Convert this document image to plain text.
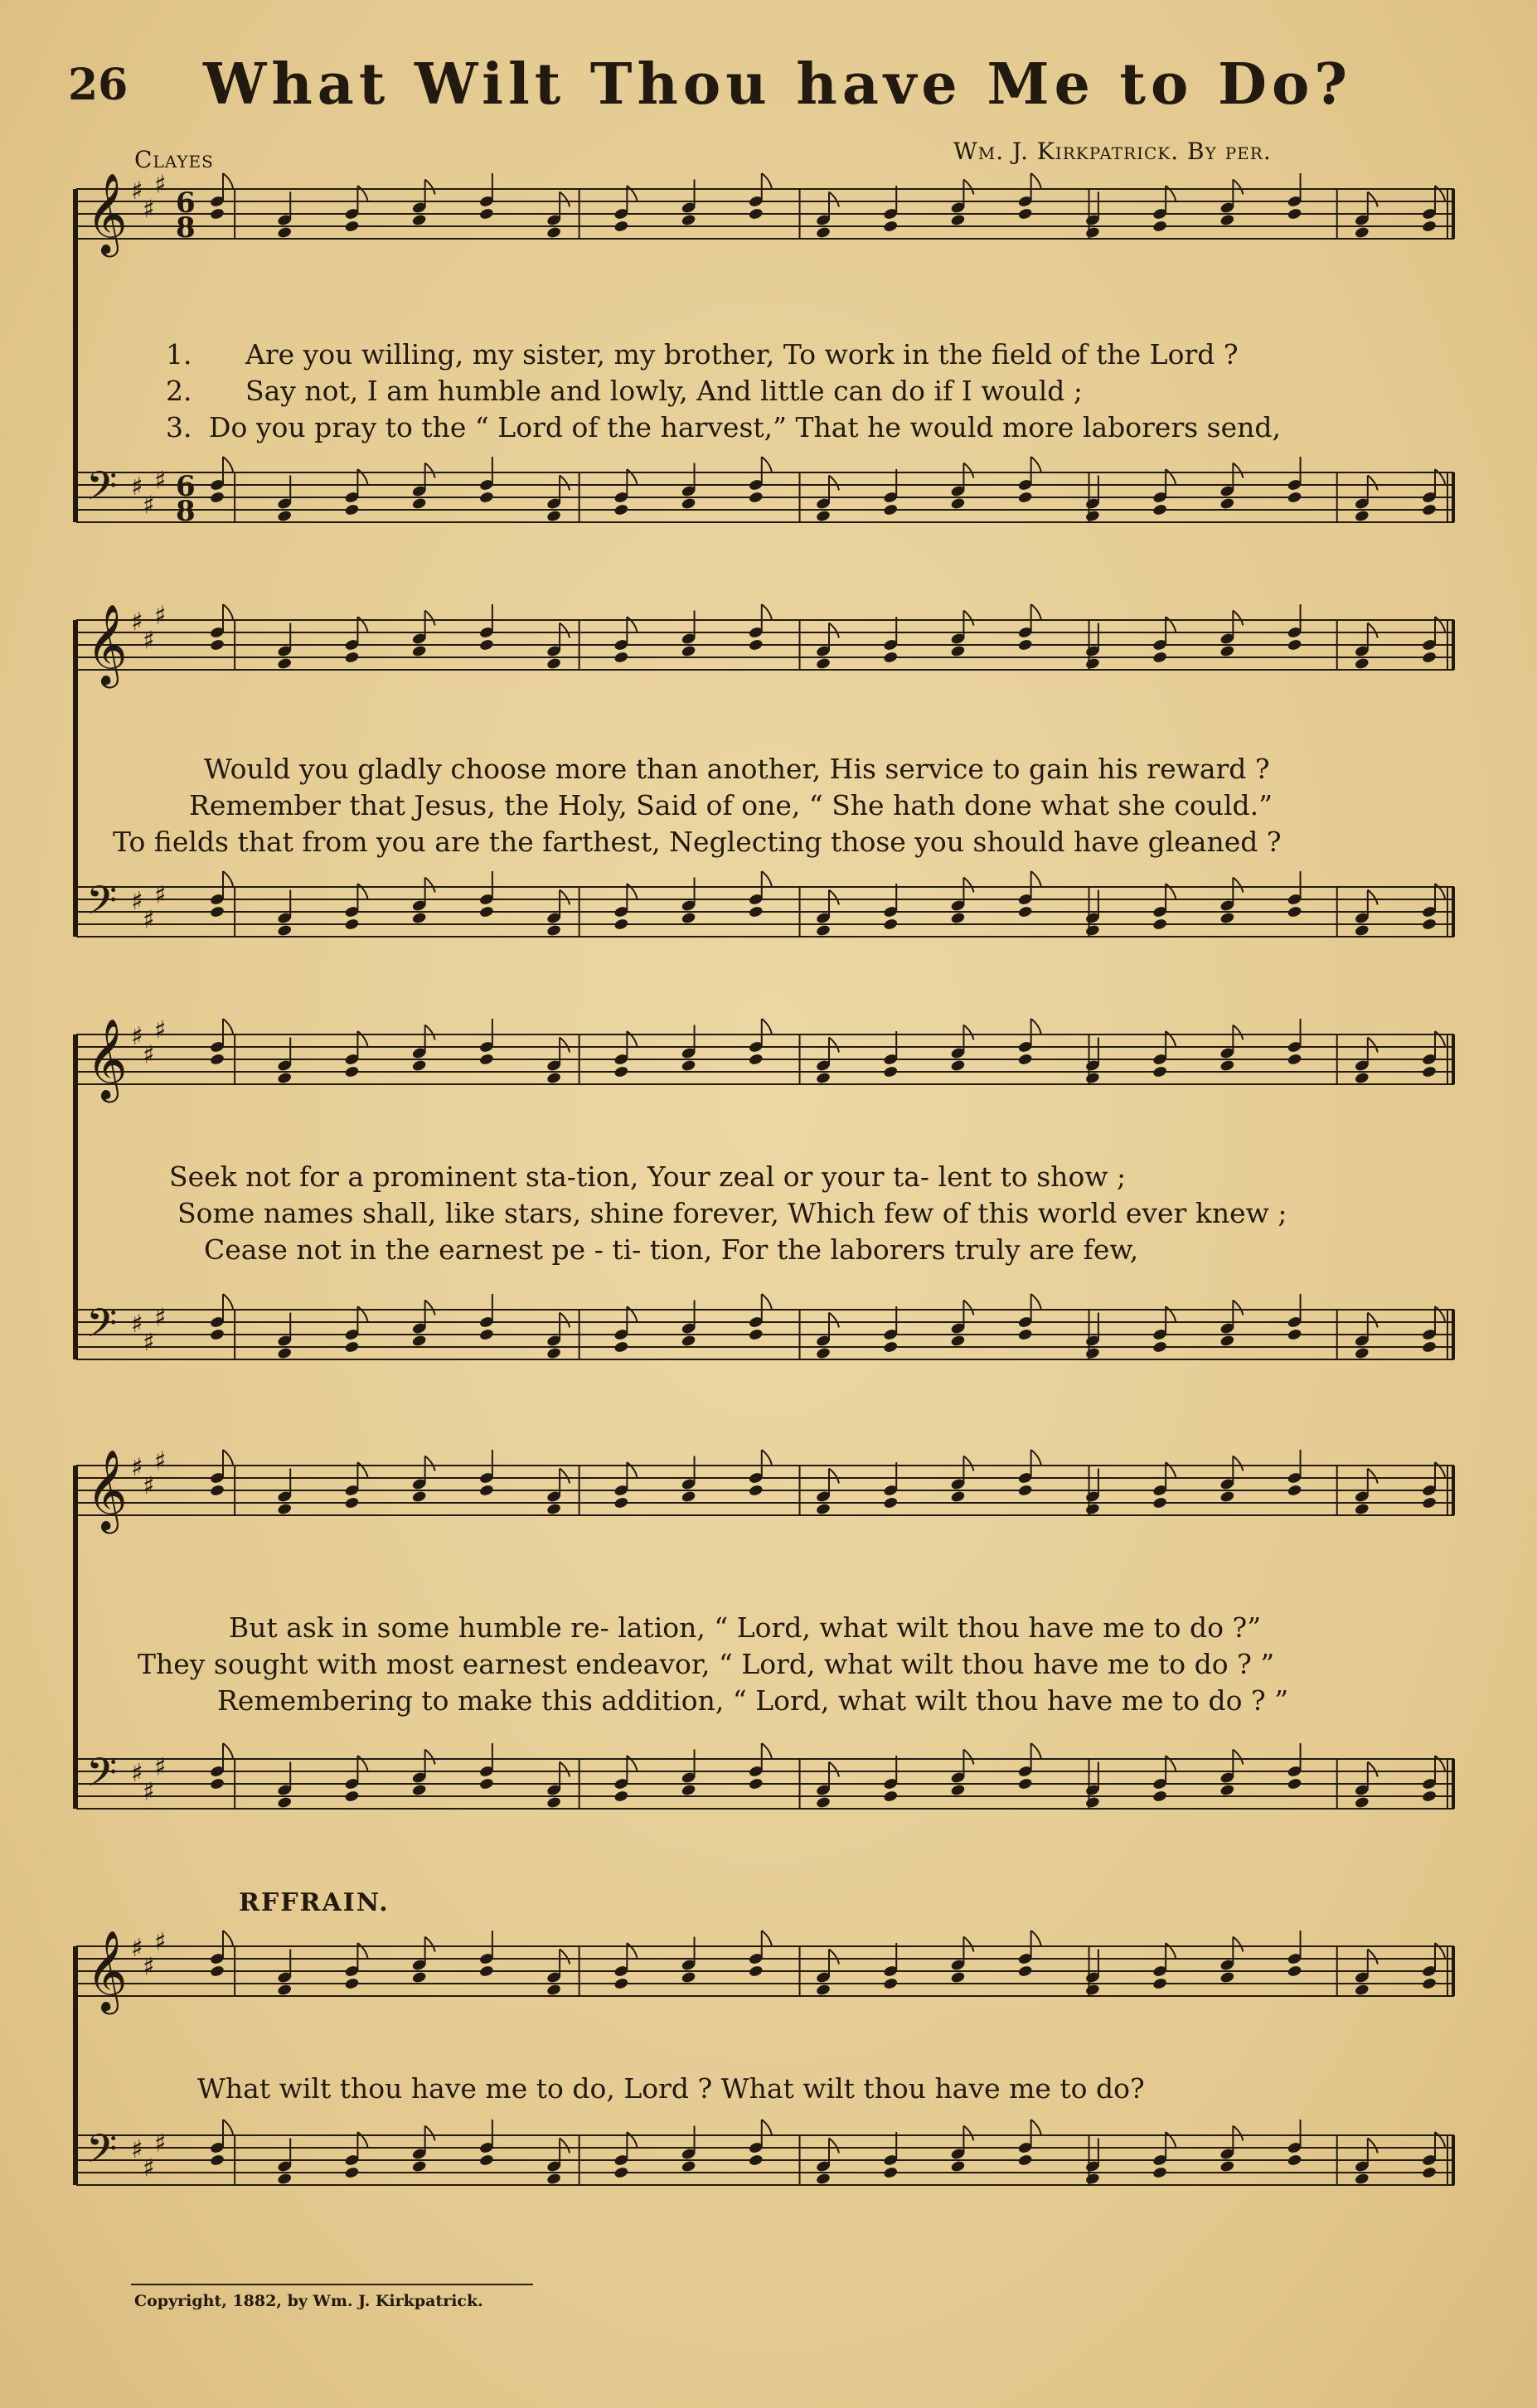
26 What Wilt Thou have Me to Do?
Clayes	Wm. J. Kirkpatrick. By per.
𝄞 ♯
♯
♯
6
8
𝄢 ♯
♯
♯ 6
8
1. Are you willing, my sister, my brother, To work in the field of the Lord ?
2. Say not, I am humble and lowly, And little can do if I would ;
3. Do you pray to the “ Lord of the harvest,” That he would more laborers send,
𝄞 ♯
♯
♯
𝄢 ♯
♯
♯
Would you gladly choose more than another, His service to gain his reward ?
Remember that Jesus, the Holy, Said of one, “ She hath done what she could.”
To fields that from you are the farthest, Neglecting those you should have gleaned ?
𝄞 ♯
♯
♯
𝄢 ♯
♯
♯
Seek not for a prominent sta-tion, Your zeal or your ta- lent to show ;
Some names shall, like stars, shine forever, Which few of this world ever knew ;
Cease not in the earnest pe - ti- tion, For the laborers truly are few,
𝄞 ♯
♯
♯
𝄢 ♯
♯
♯
But ask in some humble re- lation, “ Lord, what wilt thou have me to do ?”
They sought with most earnest endeavor, “ Lord, what wilt thou have me to do ? ”
Remembering to make this addition, “ Lord, what wilt thou have me to do ? ”
RFFRAIN.
𝄞 ♯
♯
♯
𝄢 ♯
♯
♯
What wilt thou have me to do, Lord ? What wilt thou have me to do?
Copyright, 1882, by Wm. J. Kirkpatrick.
